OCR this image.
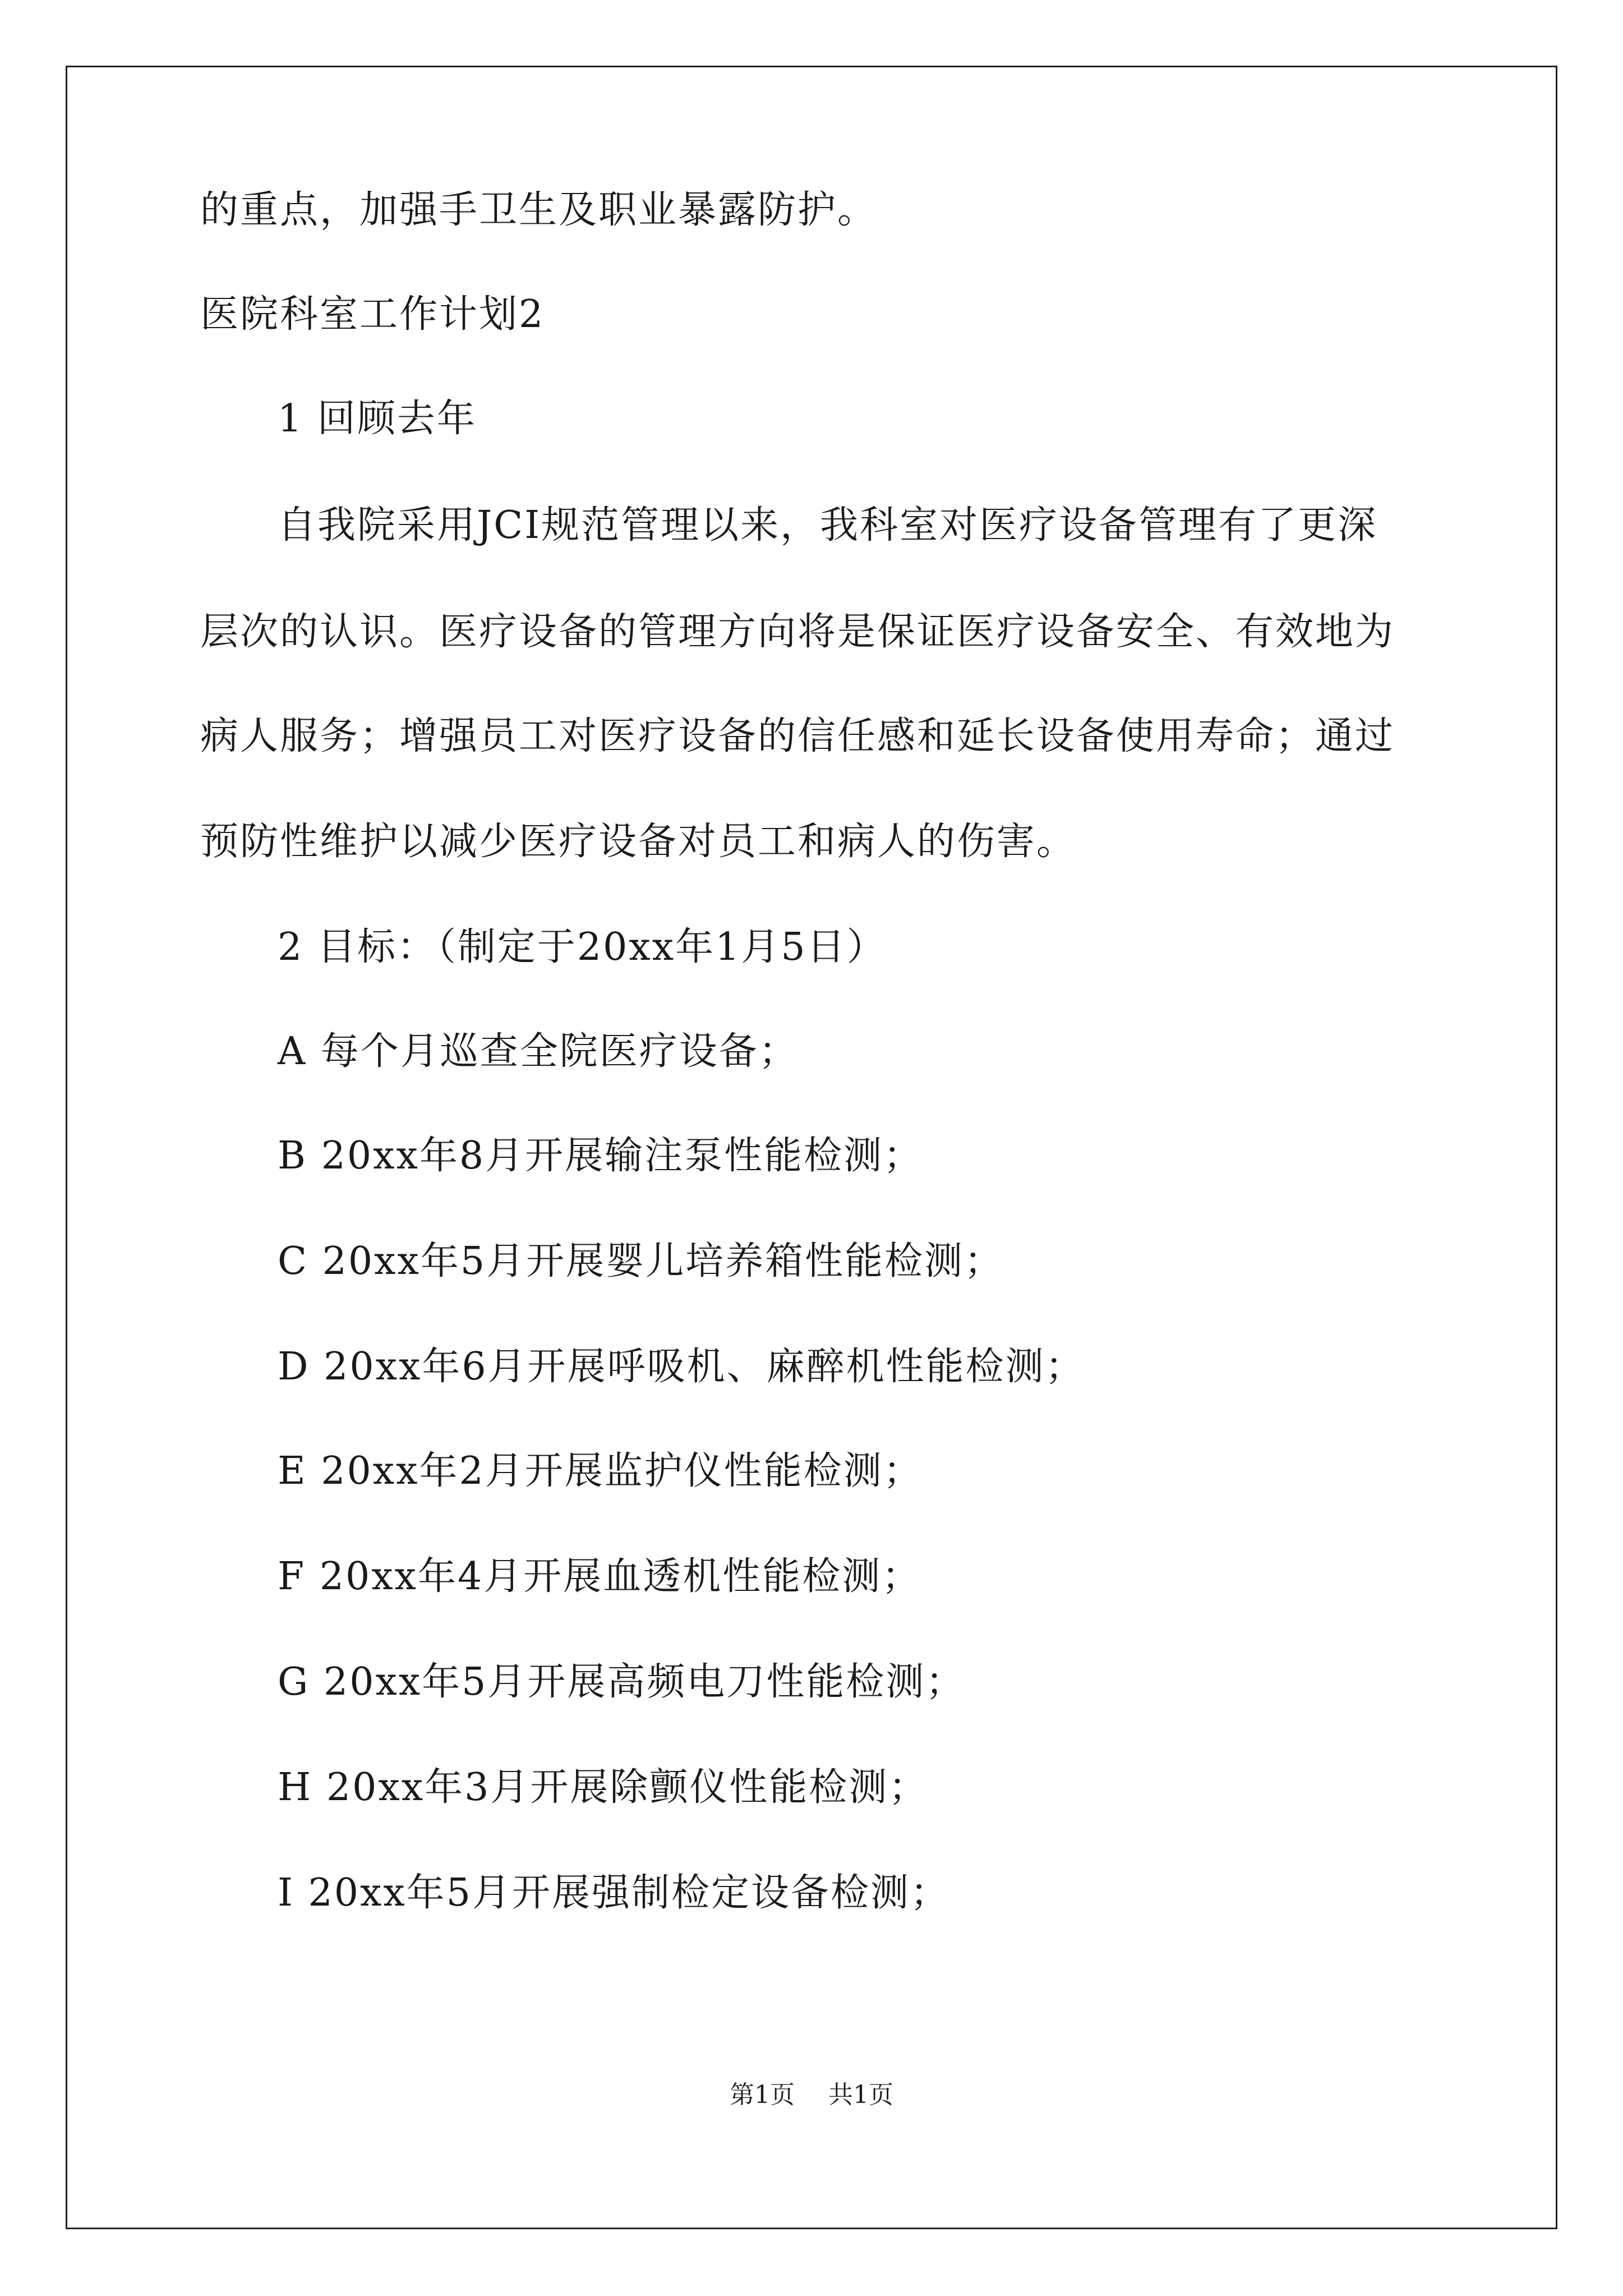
的重点，加强手卫生及职业暴露防护。
医院科室工作计划2
1 回顾去年
自我院采用JCI规范管理以来，我科室对医疗设备管理有了更深
层次的认识。医疗设备的管理方向将是保证医疗设备安全、有效地为
病人服务；增强员工对医疗设备的信任感和延长设备使用寿命；通过
预防性维护以减少医疗设备对员工和病人的伤害。
2 目标：（制定于20xx年1月5日）
A 每个月巡查全院医疗设备；
B 20xx年8月开展输注泵性能检测；
C 20xx年5月开展婴儿培养箱性能检测；
D 20xx年6月开展呼吸机、麻醉机性能检测；
E 20xx年2月开展监护仪性能检测；
F 20xx年4月开展血透机性能检测；
G 20xx年5月开展高频电刀性能检测；
H 20xx年3月开展除颤仪性能检测；
I 20xx年5月开展强制检定设备检测；
第1页 共1页
